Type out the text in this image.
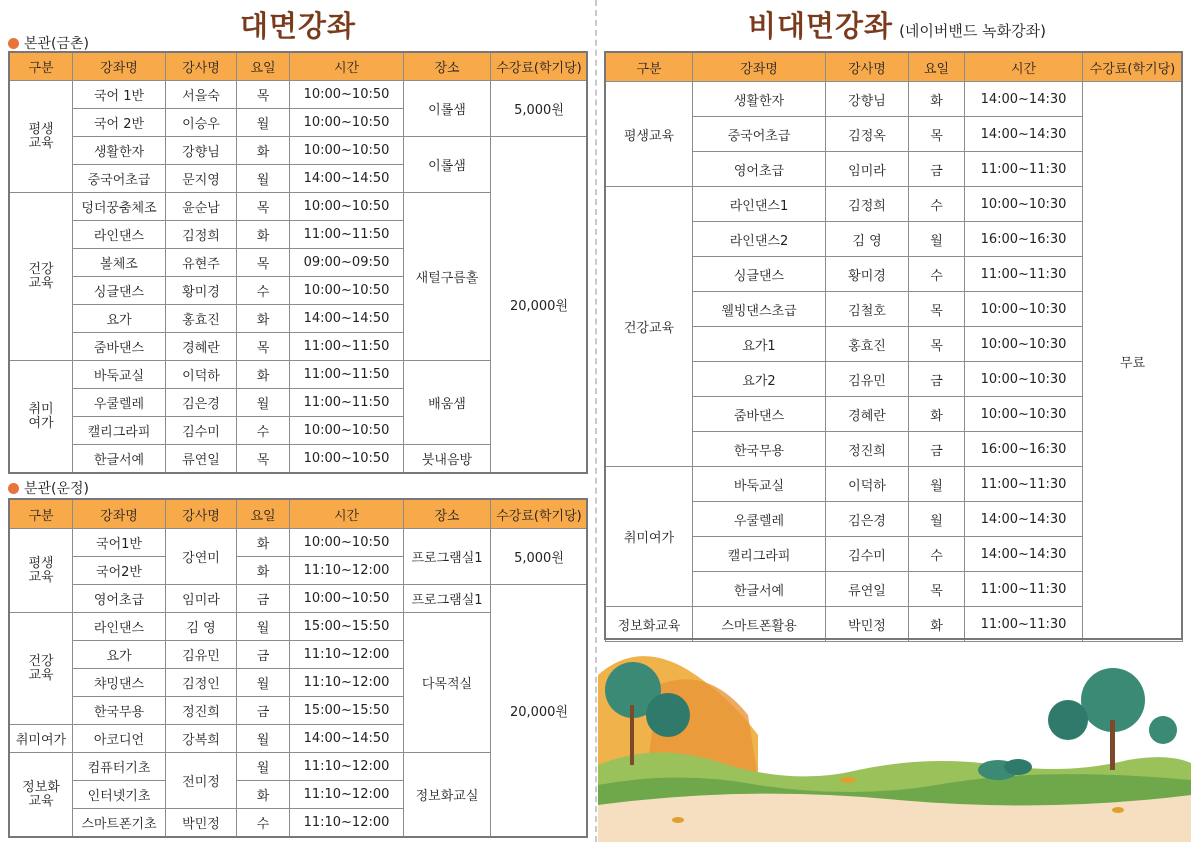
대면강좌	비대면강좌 (네이버밴드 녹화강좌)
본관(금촌)
구분	강좌명	강사명	요일	시간	장소	수강료(학기당)
평생 교육	국어 1반	서을숙	목	10:00~10:50	이롤샘	5,000원
	국어 2반	이승우	월	10:00~10:50		
	생활한자	강향님	화	10:00~10:50	이롤샘	20,000원
	중국어초급	문지영	월	14:00~14:50		
건강 교육	덩더꿍춤체조	윤순남	목	10:00~10:50	새털구름홀	
	라인댄스	김정희	화	11:00~11:50		
	볼체조	유현주	목	09:00~09:50		
	싱글댄스	황미경	수	10:00~10:50		
	요가	홍효진	화	14:00~14:50		
	줌바댄스	경혜란	목	11:00~11:50		
취미 여가	바둑교실	이덕하	화	11:00~11:50	배움샘	
	우쿨렐레	김은경	월	11:00~11:50		
	캘리그라피	김수미	수	10:00~10:50		
	한글서예	류연일	목	10:00~10:50	붓내음방	
분관(운정)
구분	강좌명	강사명	요일	시간	장소	수강료(학기당)
평생 교육	국어1반	강연미	화	10:00~10:50	프로그램실1	5,000원
	국어2반		화	11:10~12:00		
	영어초급	임미라	금	10:00~10:50	프로그램실1	20,000원
건강 교육	라인댄스	김 영	월	15:00~15:50	다목적실	
	요가	김유민	금	11:10~12:00		
	챠밍댄스	김정인	월	11:10~12:00		
	한국무용	정진희	금	15:00~15:50		
취미여가	아코디언	강복희	월	14:00~14:50		
정보화 교육	컴퓨터기초	전미정	월	11:10~12:00	정보화교실	
	인터넷기초		화	11:10~12:00		
	스마트폰기초	박민정	수	11:10~12:00		
구분	강좌명	강사명	요일	시간	수강료(학기당)
평생교육	생활한자	강향님	화	14:00~14:30	무료
	중국어초급	김정옥	목	14:00~14:30	
	영어초급	임미라	금	11:00~11:30	
건강교육	라인댄스1	김정희	수	10:00~10:30	
	라인댄스2	김 영	월	16:00~16:30	
	싱글댄스	황미경	수	11:00~11:30	
	웰빙댄스초급	김철호	목	10:00~10:30	
	요가1	홍효진	목	10:00~10:30	
	요가2	김유민	금	10:00~10:30	
	줌바댄스	경혜란	화	10:00~10:30	
	한국무용	정진희	금	16:00~16:30	
취미여가	바둑교실	이덕하	월	11:00~11:30	
	우쿨렐레	김은경	월	14:00~14:30	
	캘리그라피	김수미	수	14:00~14:30	
	한글서예	류연일	목	11:00~11:30	
정보화교육	스마트폰활용	박민정	화	11:00~11:30	
